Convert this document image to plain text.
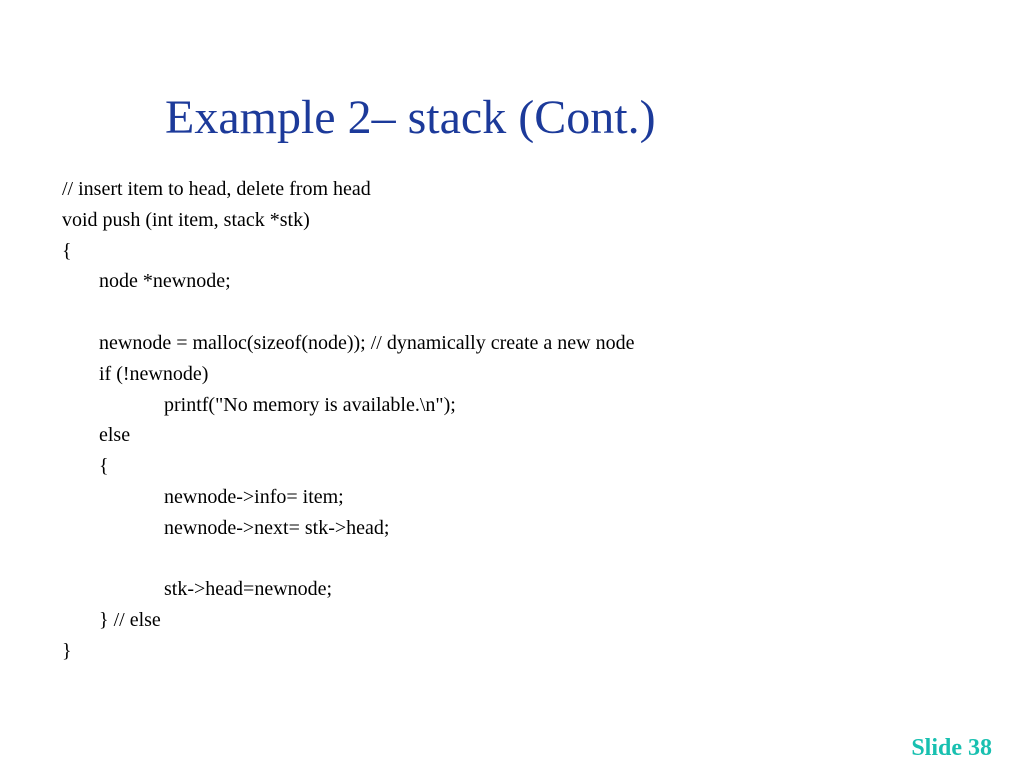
Example 2– stack (Cont.)
// insert item to head, delete from head
void push (int item, stack *stk)
{
node *newnode;
newnode = malloc(sizeof(node)); // dynamically create a new node
if (!newnode)
printf("No memory is available.\n");
else
{
newnode->info= item;
newnode->next= stk->head;
stk->head=newnode;
} // else
}
Slide 38
